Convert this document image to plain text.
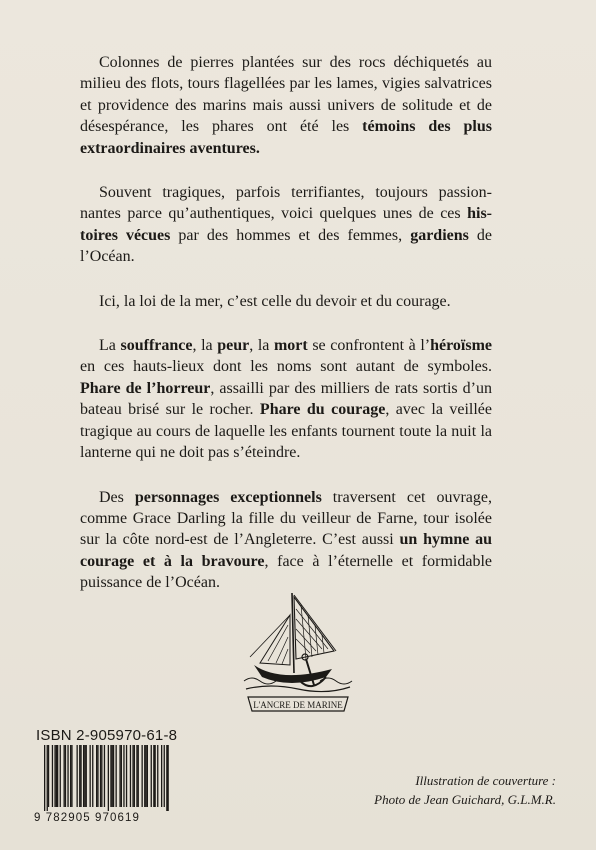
Colonnes de pierres plantées sur des rocs déchiquetés au milieu des flots, tours flagellées par les lames, vigies salvatrices et providence des marins mais aussi univers de solitude et de désespérance, les phares ont été les témoins des plus extraordinaires aventures.

Souvent tragiques, parfois terrifiantes, toujours passionnantes parce qu’authentiques, voici quelques unes de ces histoires vécues par des hommes et des femmes, gardiens de l’Océan.

Ici, la loi de la mer, c’est celle du devoir et du courage.

La souffrance, la peur, la mort se confrontent à l’héroïsme en ces hauts-lieux dont les noms sont autant de symboles. Phare de l’horreur, assailli par des milliers de rats sortis d’un bateau brisé sur le rocher. Phare du courage, avec la veillée tragique au cours de laquelle les enfants tournent toute la nuit la lanterne qui ne doit pas s’éteindre.

Des personnages exceptionnels traversent cet ouvrage, comme Grace Darling la fille du veilleur de Farne, tour isolée sur la côte nord-est de l’Angleterre. C’est aussi un hymne au courage et à la bravoure, face à l’éternelle et formidable puissance de l’Océan.

L'ANCRE DE MARINE
ISBN 2-905970-61-8
9 782905 970619
Illustration de couverture :
Photo de Jean Guichard, G.L.M.R.
